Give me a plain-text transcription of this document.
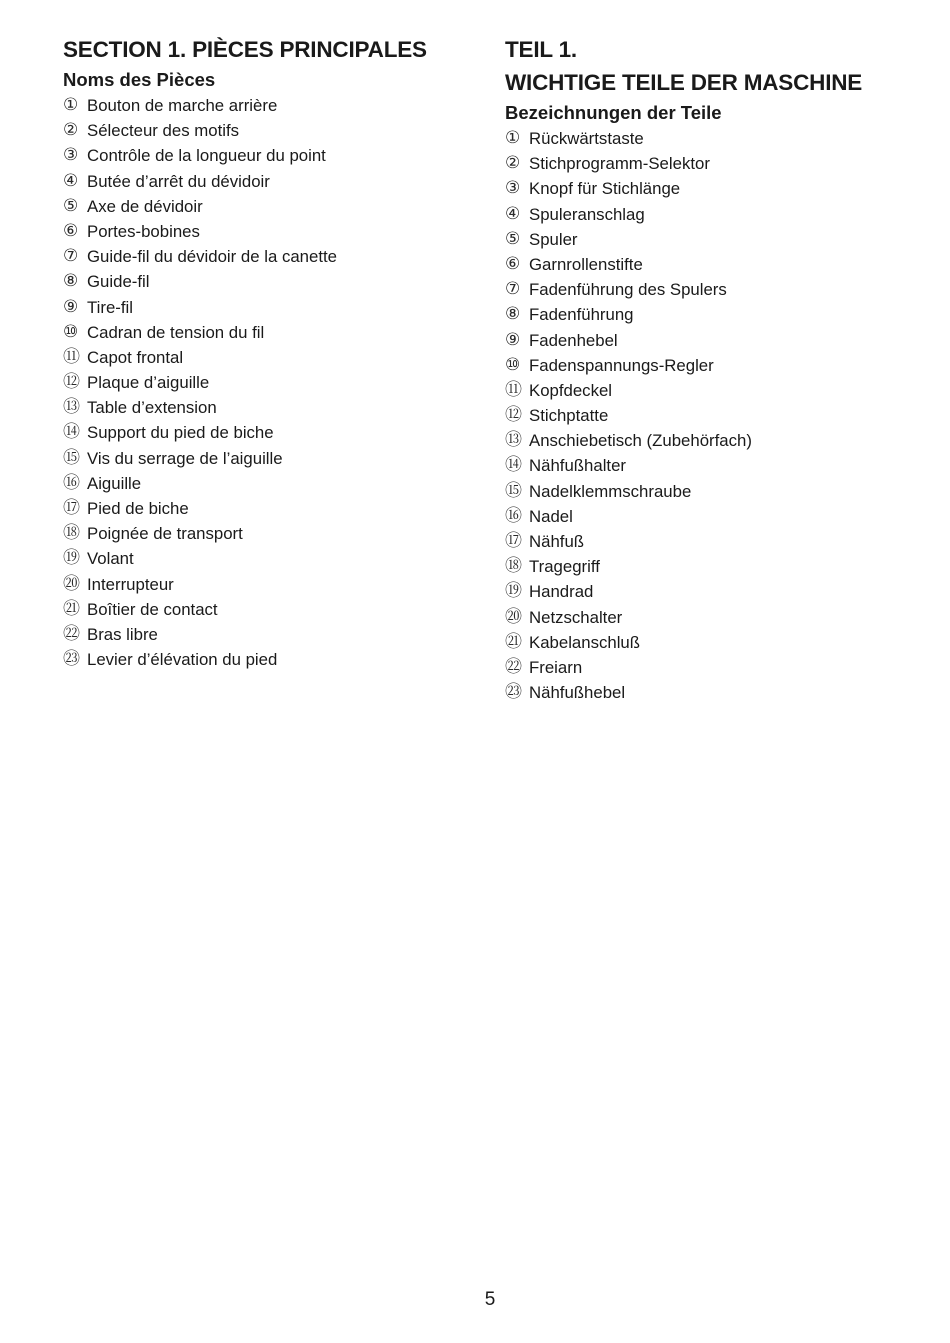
SECTION 1. PIÈCES PRINCIPALES
Noms des Pièces
① Bouton de marche arrière
② Sélecteur des motifs
③ Contrôle de la longueur du point
④ Butée d’arrêt du dévidoir
⑤ Axe de dévidoir
⑥ Portes-bobines
⑦ Guide-fil du dévidoir de la canette
⑧ Guide-fil
⑨ Tire-fil
⑩ Cadran de tension du fil
⑪ Capot frontal
⑫ Plaque d’aiguille
⑬ Table d’extension
⑭ Support du pied de biche
⑮ Vis du serrage de l’aiguille
⑯ Aiguille
⑰ Pied de biche
⑱ Poignée de transport
⑲ Volant
⑳ Interrupteur
㉑ Boîtier de contact
㉒ Bras libre
㉓ Levier d’élévation du pied
TEIL 1.
WICHTIGE TEILE DER MASCHINE
Bezeichnungen der Teile
① Rückwärtstaste
② Stichprogramm-Selektor
③ Knopf für Stichlänge
④ Spuleranschlag
⑤ Spuler
⑥ Garnrollenstifte
⑦ Fadenführung des Spulers
⑧ Fadenführung
⑨ Fadenhebel
⑩ Fadenspannungs-Regler
⑪ Kopfdeckel
⑫ Stichptatte
⑬ Anschiebetisch (Zubehörfach)
⑭ Nähfußhalter
⑮ Nadelklemmschraube
⑯ Nadel
⑰ Nähfuß
⑱ Tragegriff
⑲ Handrad
⑳ Netzschalter
㉑ Kabelanschluß
㉒ Freiarn
㉓ Nähfußhebel
5
